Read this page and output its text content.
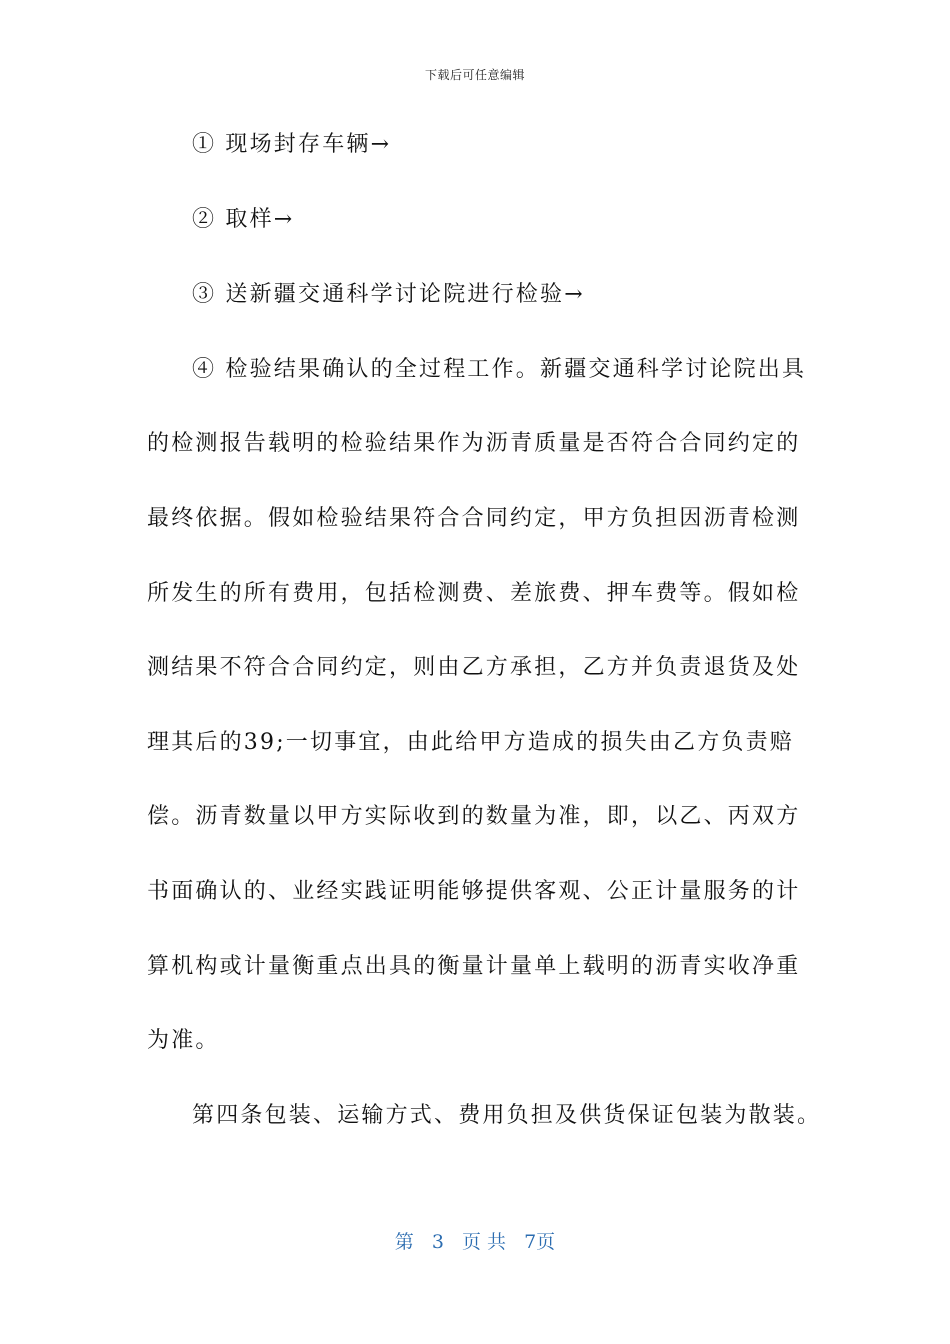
下载后可任意编辑
① 现场封存车辆→
② 取样→
③ 送新疆交通科学讨论院进行检验→
④ 检验结果确认的全过程工作。新疆交通科学讨论院出具
的检测报告载明的检验结果作为沥青质量是否符合合同约定的
最终依据。假如检验结果符合合同约定，甲方负担因沥青检测
所发生的所有费用，包括检测费、差旅费、押车费等。假如检
测结果不符合合同约定，则由乙方承担，乙方并负责退货及处
理其后的39;一切事宜，由此给甲方造成的损失由乙方负责赔
偿。沥青数量以甲方实际收到的数量为准，即，以乙、丙双方
书面确认的、业经实践证明能够提供客观、公正计量服务的计
算机构或计量衡重点出具的衡量计量单上载明的沥青实收净重
为准。
第四条包装、运输方式、费用负担及供货保证包装为散装。
第 3 页 共 7页
